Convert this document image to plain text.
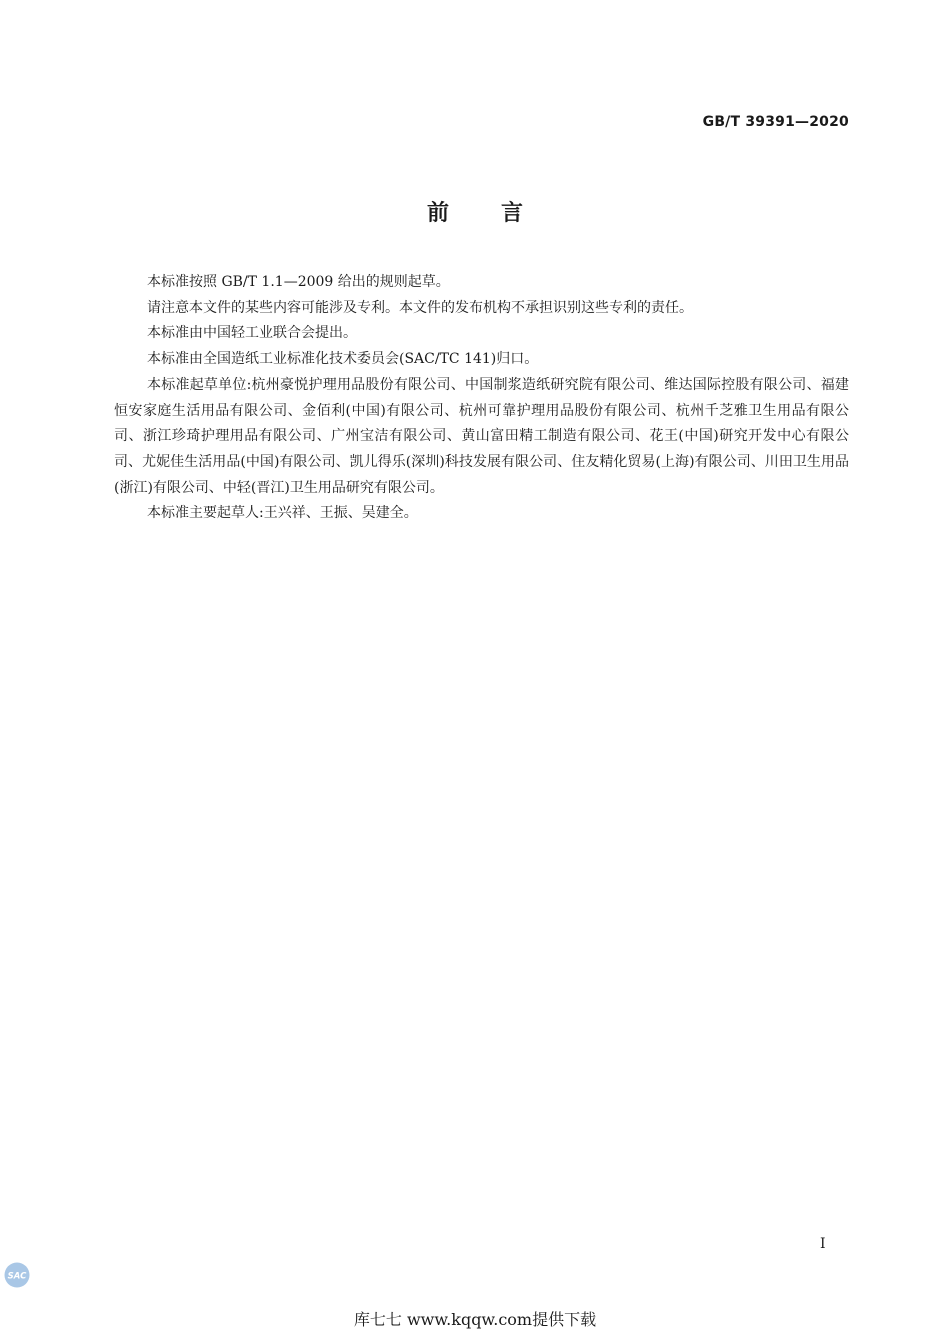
GB/T 39391—2020
前言

本标准按照 GB/T 1.1—2009 给出的规则起草。

请注意本文件的某些内容可能涉及专利。本文件的发布机构不承担识别这些专利的责任。

本标准由中国轻工业联合会提出。

本标准由全国造纸工业标准化技术委员会(SAC/TC 141)归口。

本标准起草单位:杭州豪悦护理用品股份有限公司、中国制浆造纸研究院有限公司、维达国际控股有限公司、福建恒安家庭生活用品有限公司、金佰利(中国)有限公司、杭州可靠护理用品股份有限公司、杭州千芝雅卫生用品有限公司、浙江珍琦护理用品有限公司、广州宝洁有限公司、黄山富田精工制造有限公司、花王(中国)研究开发中心有限公司、尤妮佳生活用品(中国)有限公司、凯儿得乐(深圳)科技发展有限公司、住友精化贸易(上海)有限公司、川田卫生用品(浙江)有限公司、中轻(晋江)卫生用品研究有限公司。

本标准主要起草人:王兴祥、王振、吴建全。

I
SAC
库七七 www.kqqw.com提供下载
